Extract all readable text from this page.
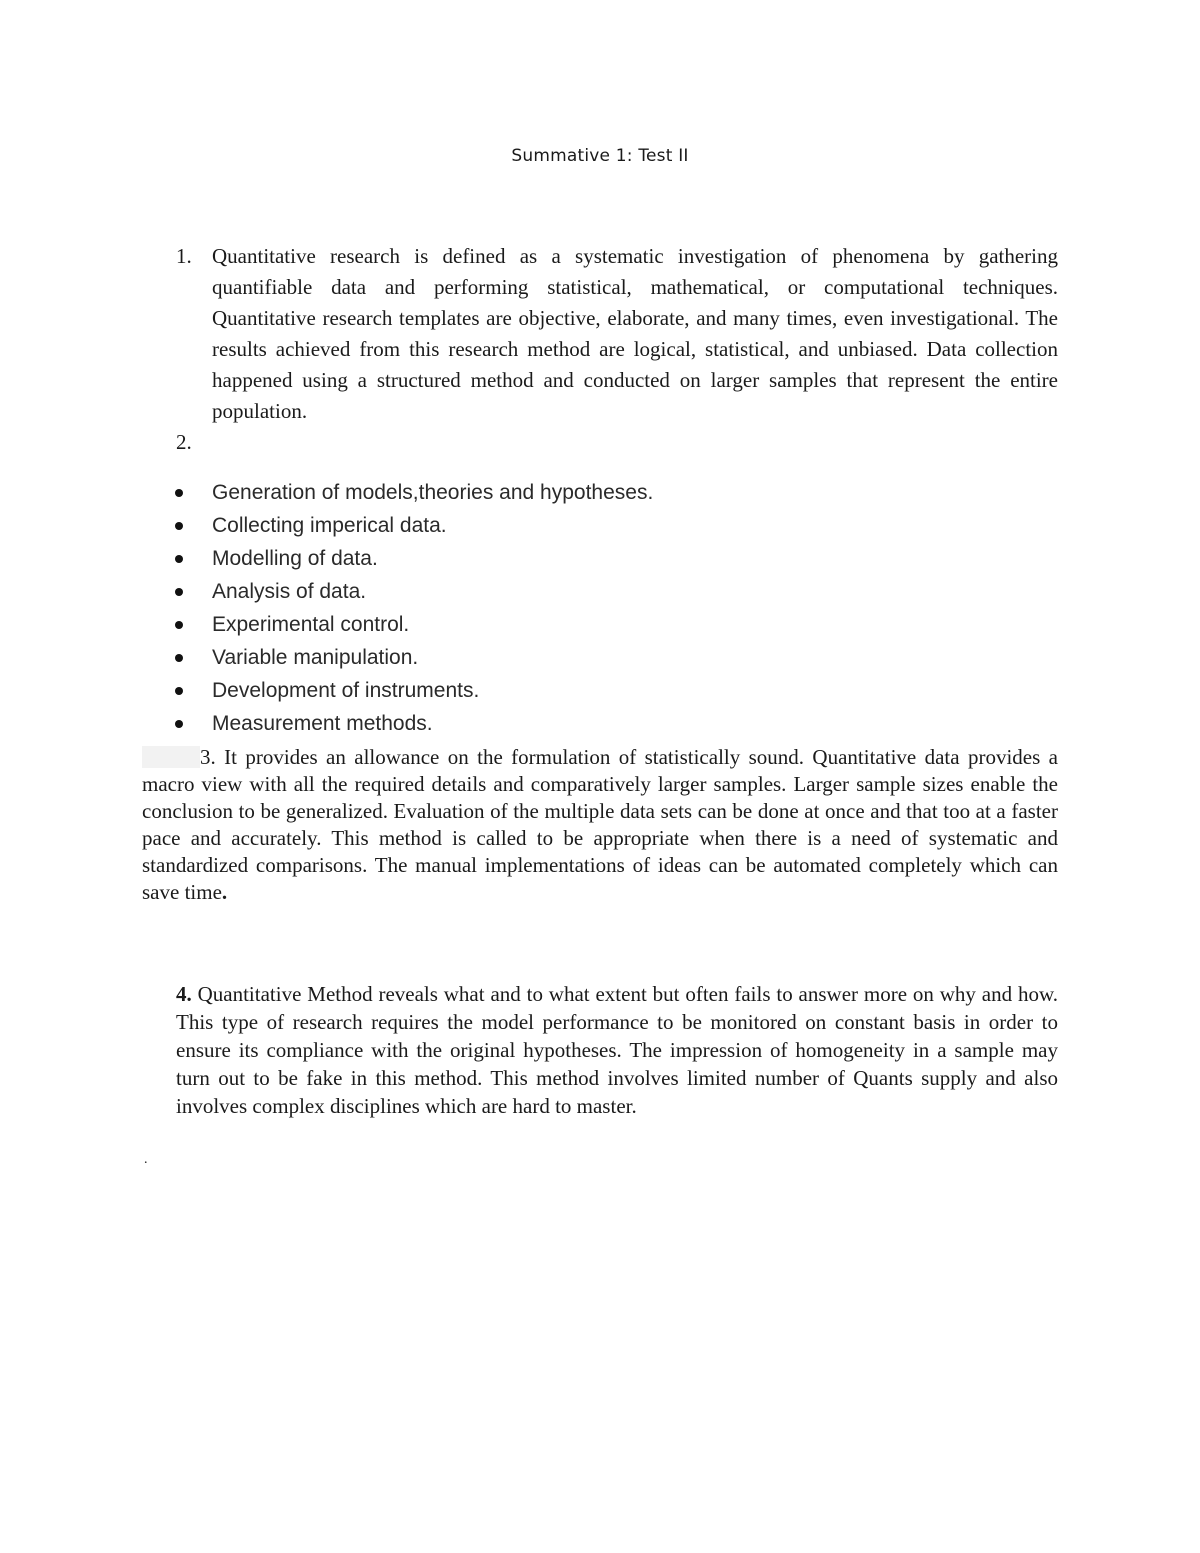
Summative 1: Test II
1. Quantitative research is defined as a systematic investigation of phenomena by gathering quantifiable data and performing statistical, mathematical, or computational techniques. Quantitative research templates are objective, elaborate, and many times, even investigational. The results achieved from this research method are logical, statistical, and unbiased. Data collection happened using a structured method and conducted on larger samples that represent the entire population.
2.
Generation of models,theories and hypotheses.
Collecting imperical data.
Modelling of data.
Analysis of data.
Experimental control.
Variable manipulation.
Development of instruments.
Measurement methods.
3. It provides an allowance on the formulation of statistically sound. Quantitative data provides a macro view with all the required details and comparatively larger samples. Larger sample sizes enable the conclusion to be generalized. Evaluation of the multiple data sets can be done at once and that too at a faster pace and accurately. This method is called to be appropriate when there is a need of systematic and standardized comparisons. The manual implementations of ideas can be automated completely which can save time.
4. Quantitative Method reveals what and to what extent but often fails to answer more on why and how. This type of research requires the model performance to be monitored on constant basis in order to ensure its compliance with the original hypotheses. The impression of homogeneity in a sample may turn out to be fake in this method. This method involves limited number of Quants supply and also involves complex disciplines which are hard to master.
.
